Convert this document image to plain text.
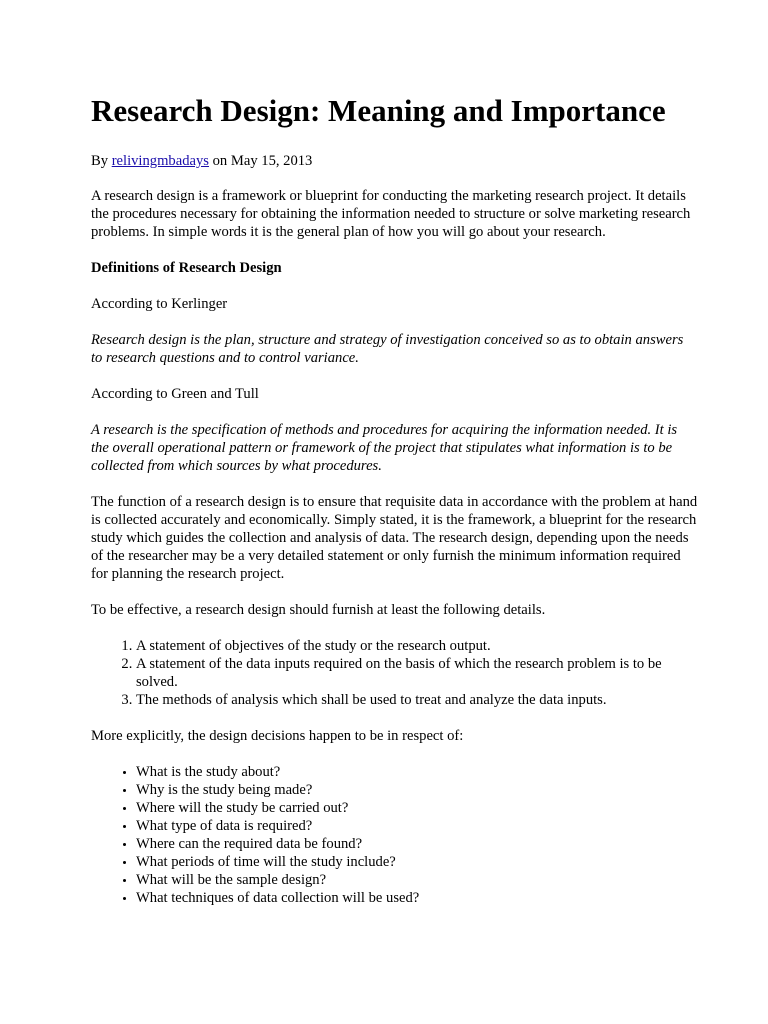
Research Design: Meaning and Importance

By relivingmbadays on May 15, 2013

A research design is a framework or blueprint for conducting the marketing research project. It details the procedures necessary for obtaining the information needed to structure or solve marketing research problems. In simple words it is the general plan of how you will go about your research.

Definitions of Research Design

According to Kerlinger

Research design is the plan, structure and strategy of investigation conceived so as to obtain answers to research questions and to control variance.

According to Green and Tull

A research is the specification of methods and procedures for acquiring the information needed. It is the overall operational pattern or framework of the project that stipulates what information is to be collected from which sources by what procedures.

The function of a research design is to ensure that requisite data in accordance with the problem at hand is collected accurately and economically. Simply stated, it is the framework, a blueprint for the research study which guides the collection and analysis of data. The research design, depending upon the needs of the researcher may be a very detailed statement or only furnish the minimum information required for planning the research project.

To be effective, a research design should furnish at least the following details.

1. A statement of objectives of the study or the research output.
2. A statement of the data inputs required on the basis of which the research problem is to be solved.
3. The methods of analysis which shall be used to treat and analyze the data inputs.

More explicitly, the design decisions happen to be in respect of:

• What is the study about?
• Why is the study being made?
• Where will the study be carried out?
• What type of data is required?
• Where can the required data be found?
• What periods of time will the study include?
• What will be the sample design?
• What techniques of data collection will be used?
